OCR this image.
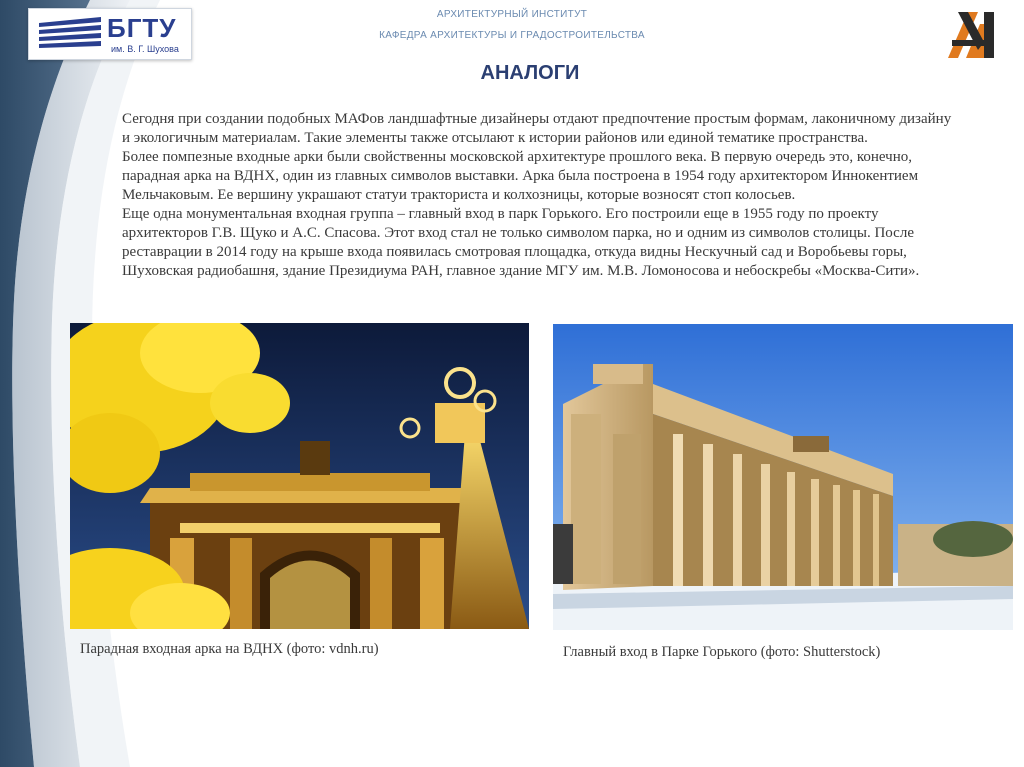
БГТУ
им. В. Г. Шухова
АРХИТЕКТУРНЫЙ ИНСТИТУТ
КАФЕДРА АРХИТЕКТУРЫ И ГРАДОСТРОИТЕЛЬСТВА
АНАЛОГИ

Сегодня при создании подобных МАФов ландшафтные дизайнеры отдают предпочтение простым формам, лаконичному дизайну и экологичным материалам. Такие элементы также отсылают к истории районов или единой тематике пространства.

Более помпезные входные арки были свойственны московской архитектуре прошлого века. В первую очередь это, конечно, парадная арка на ВДНХ, один из главных символов выставки. Арка была построена в 1954 году архитектором Иннокентием Мельчаковым. Ее вершину украшают статуи тракториста и колхозницы, которые возносят стоп колосьев.

Еще одна монументальная входная группа – главный вход в парк Горького. Его построили еще в 1955 году по проекту архитекторов Г.В. Щуко и А.С. Спасова. Этот вход стал не только символом парка, но и одним из символов столицы. После реставрации в 2014 году на крыше входа появилась смотровая площадка, откуда видны Нескучный сад и Воробьевы горы, Шуховская радиобашня, здание Президиума РАН, главное здание МГУ им. М.В. Ломоносова и небоскребы «Москва-Сити».

Парадная входная арка на ВДНХ (фото: vdnh.ru)	Главный вход в Парке Горького (фото: Shutterstock)
